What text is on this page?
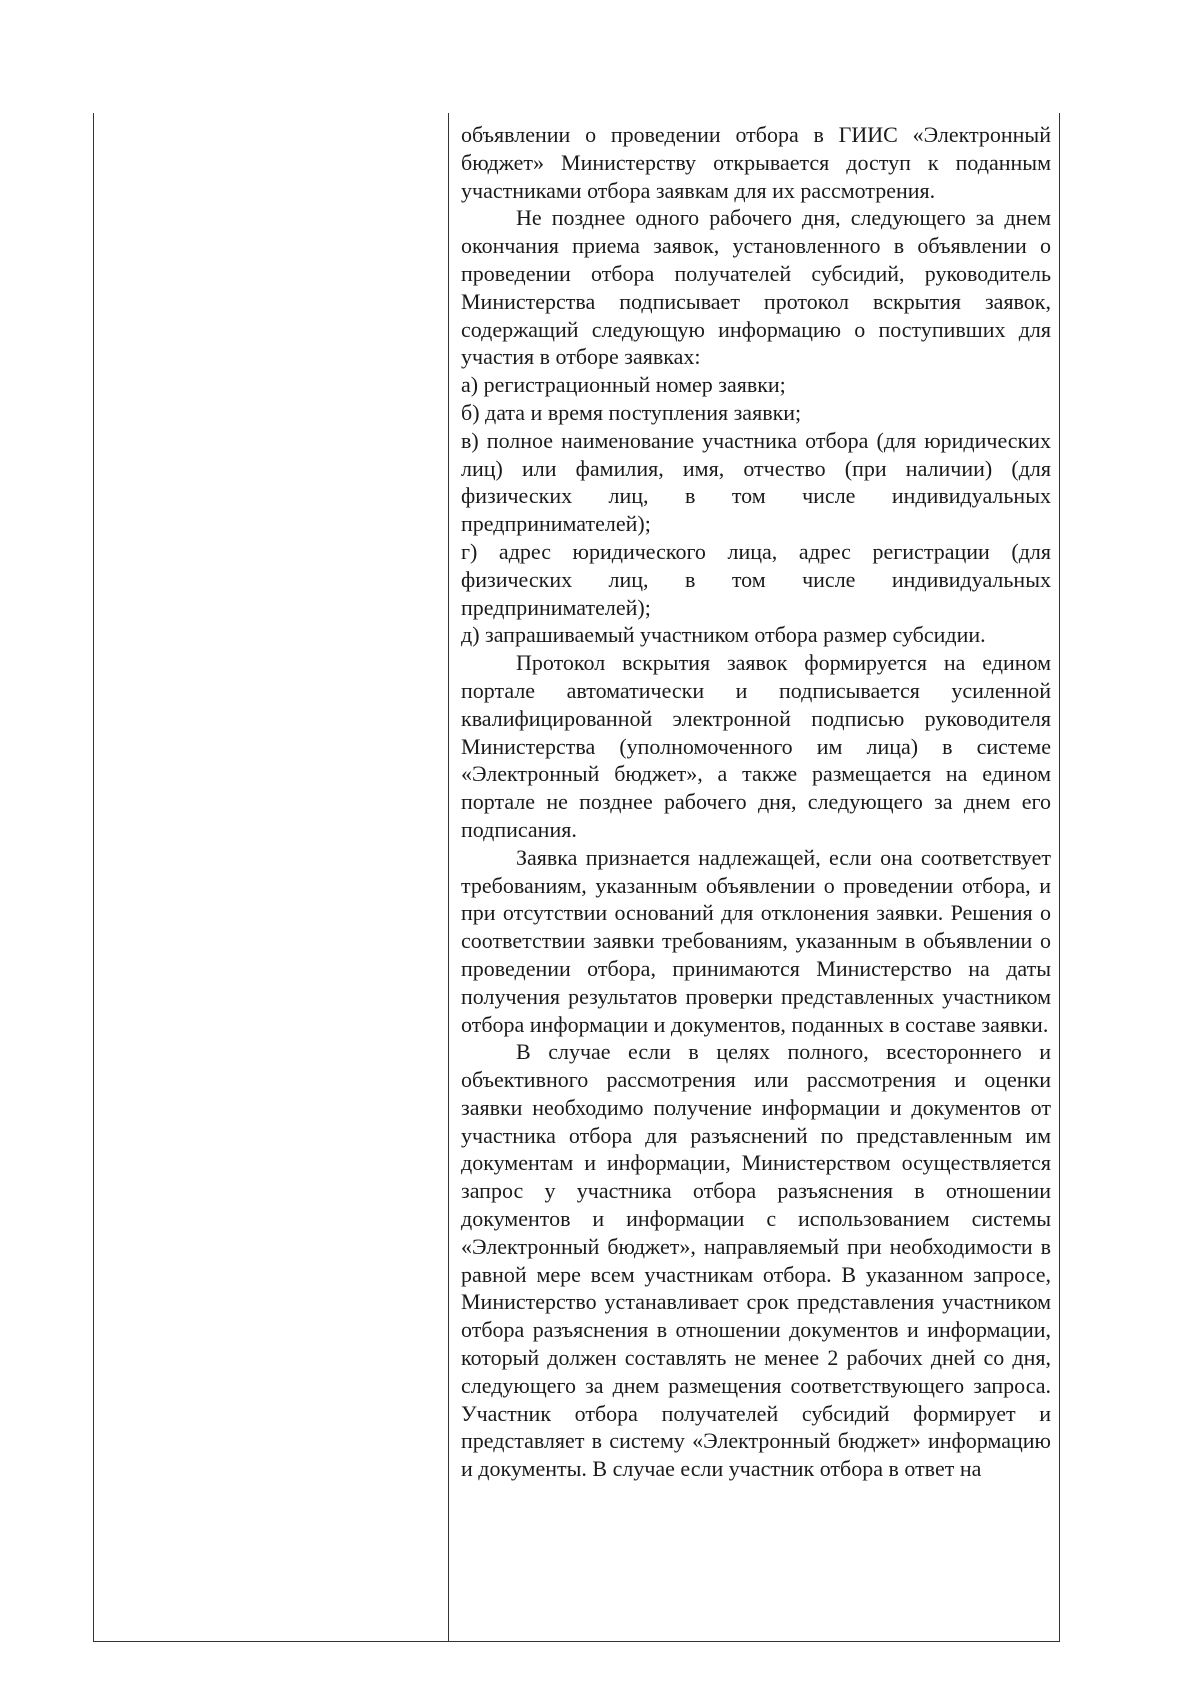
объявлении о проведении отбора в ГИИС «Электронный бюджет» Министерству открывается доступ к поданным участниками отбора заявкам для их рассмотрения.

Не позднее одного рабочего дня, следующего за днем окончания приема заявок, установленного в объявлении о проведении отбора получателей субсидий, руководитель Министерства подписывает протокол вскрытия заявок, содержащий следующую информацию о поступивших для участия в отборе заявках:

а) регистрационный номер заявки;

б) дата и время поступления заявки;

в) полное наименование участника отбора (для юридических лиц) или фамилия, имя, отчество (при наличии) (для физических лиц, в том числе индивидуальных предпринимателей);

г) адрес юридического лица, адрес регистрации (для физических лиц, в том числе индивидуальных предпринимателей);

д) запрашиваемый участником отбора размер субсидии.

Протокол вскрытия заявок формируется на едином портале автоматически и подписывается усиленной квалифицированной электронной подписью руководителя Министерства (уполномоченного им лица) в системе «Электронный бюджет», а также размещается на едином портале не позднее рабочего дня, следующего за днем его подписания.

Заявка признается надлежащей, если она соответствует требованиям, указанным объявлении о проведении отбора, и при отсутствии оснований для отклонения заявки. Решения о соответствии заявки требованиям, указанным в объявлении о проведении отбора, принимаются Министерство на даты получения результатов проверки представленных участником отбора информации и документов, поданных в составе заявки.

В случае если в целях полного, всестороннего и объективного рассмотрения или рассмотрения и оценки заявки необходимо получение информации и документов от участника отбора для разъяснений по представленным им документам и информации, Министерством осуществляется запрос у участника отбора разъяснения в отношении документов и информации с использованием системы «Электронный бюджет», направляемый при необходимости в равной мере всем участникам отбора. В указанном запросе, Министерство устанавливает срок представления участником отбора разъяснения в отношении документов и информации, который должен составлять не менее 2 рабочих дней со дня, следующего за днем размещения соответствующего запроса. Участник отбора получателей субсидий формирует и представляет в систему «Электронный бюджет» информацию и документы. В случае если участник отбора в ответ на
